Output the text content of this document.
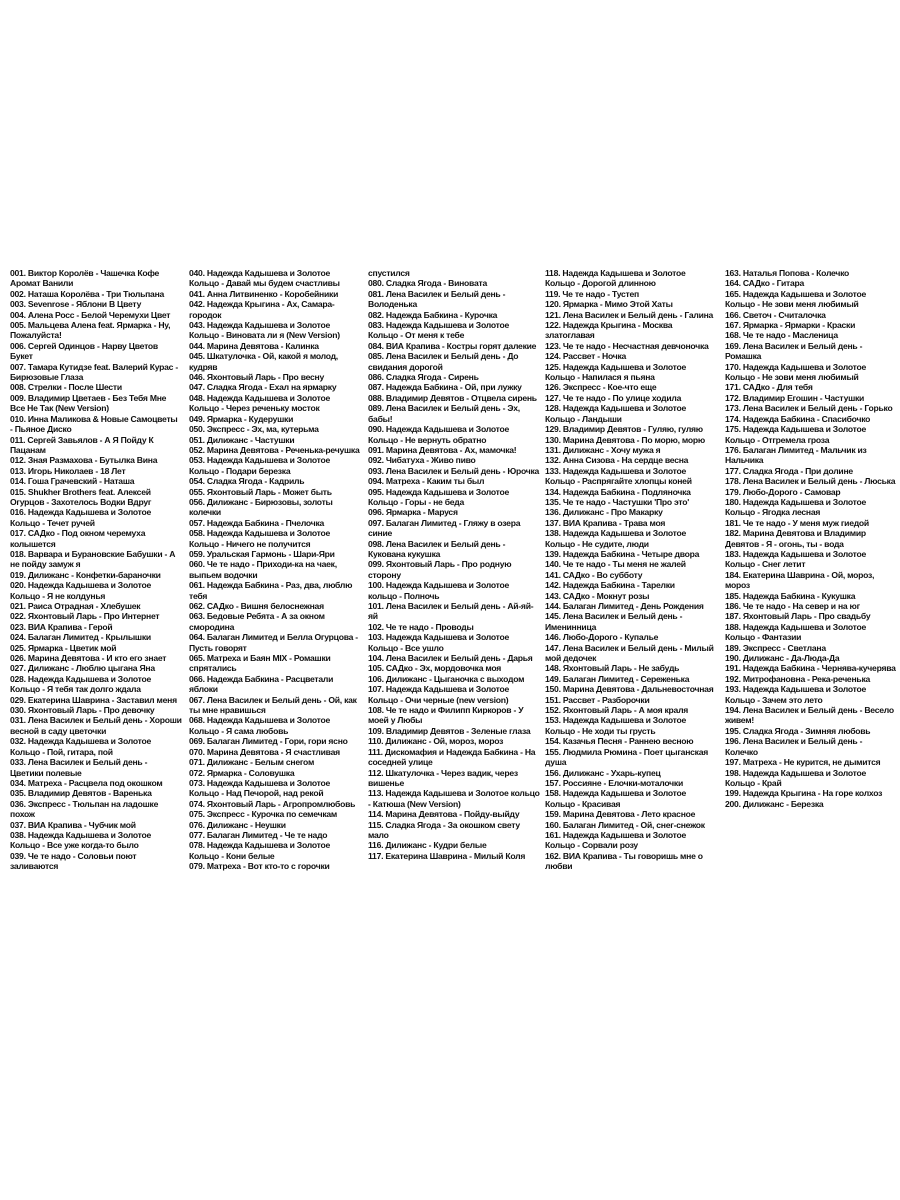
001. Виктор Королёв - Чашечка Кофе Аромат Ванили

002. Наташа Королёва - Три Тюльпана

003. Sevenrose - Яблони В Цвету

004. Алена Росс - Белой Черемухи Цвет

005. Мальцева Алена feat. Ярмарка - Ну, Пожалуйста!

006. Сергей Одинцов - Нарву Цветов Букет

007. Тамара Кутидзе feat. Валерий Курас - Бирюзовые Глаза

008. Стрелки - После Шести

009. Владимир Цветаев - Без Тебя Мне Все Не Так (New Version)

010. Инна Маликова & Новые Самоцветы - Пьяное Диско

011. Сергей Завьялов - А Я Пойду К Пацанам

012. Зная Размахова - Бутылка Вина

013. Игорь Николаев - 18 Лет

014. Гоша Грачевский - Наташа

015. Shukher Brothers feat. Алексей Огурцов - Захотелось Водки Вдруг

016. Надежда Кадышева и Золотое Кольцо - Течет ручей

017. САДко - Под окном черемуха колышется

018. Варвара и Бурановские Бабушки - А не пойду замуж я

019. Дилижанс - Конфетки-бараночки

020. Надежда Кадышева и Золотое Кольцо - Я не колдунья

021. Раиса Отрадная - Хлебушек

022. Яхонтовый Ларь - Про Интернет

023. ВИА Крапива - Герой

024. Балаган Лимитед - Крылышки

025. Ярмарка - Цветик мой

026. Марина Девятова - И кто его знает

027. Дилижанс - Люблю цыгана Яна

028. Надежда Кадышева и Золотое Кольцо - Я тебя так долго ждала

029. Екатерина Шаврина - Заставил меня

030. Яхонтовый Ларь - Про девочку

031. Лена Василек и Белый день - Хороши весной в саду цветочки

032. Надежда Кадышева и Золотое Кольцо - Пой, гитара, пой

033. Лена Василек и Белый день - Цветики полевые

034. Матреха - Расцвела под окошком

035. Владимир Девятов - Варенька

036. Экспресс - Тюльпан на ладошке похож

037. ВИА Крапива - Чубчик мой

038. Надежда Кадышева и Золотое Кольцо - Все уже когда-то было

039. Че те надо - Соловьи поют заливаются

040. Надежда Кадышева и Золотое Кольцо - Давай мы будем счастливы

041. Анна Литвиненко - Коробейники

042. Надежда Крыгина - Ах, Самара-городок

043. Надежда Кадышева и Золотое Кольцо - Виновата ли я (New Version)

044. Марина Девятова - Калинка

045. Шкатулочка - Ой, какой я молод, кудряв

046. Яхонтовый Ларь - Про весну

047. Сладка Ягода - Ехал на ярмарку

048. Надежда Кадышева и Золотое Кольцо - Через реченьку мосток

049. Ярмарка - Кудерушки

050. Экспресс - Эх, ма, кутерьма

051. Дилижанс - Частушки

052. Марина Девятова - Реченька-речушка

053. Надежда Кадышева и Золотое Кольцо - Подари березка

054. Сладка Ягода - Кадриль

055. Яхонтовый Ларь - Может быть

056. Дилижанс - Бирюзовы, золоты колечки

057. Надежда Бабкина - Пчелочка

058. Надежда Кадышева и Золотое Кольцо - Ничего не получится

059. Уральская Гармонь - Шари-Яри

060. Че те надо - Приходи-ка на чаек, выпьем водочки

061. Надежда Бабкина - Раз, два, люблю тебя

062. САДко - Вишня белоснежная

063. Бедовые Ребята - А за окном смородина

064. Балаган Лимитед и Белла Огурцова - Пусть говорят

065. Матреха и Баян MIX - Ромашки спрятались

066. Надежда Бабкина - Расцветали яблоки

067. Лена Василек и Белый день - Ой, как ты мне нравишься

068. Надежда Кадышева и Золотое Кольцо - Я сама любовь

069. Балаган Лимитед - Гори, гори ясно

070. Марина Девятова - Я счастливая

071. Дилижанс - Белым снегом

072. Ярмарка - Соловушка

073. Надежда Кадышева и Золотое Кольцо - Над Печорой, над рекой

074. Яхонтовый Ларь - Агропромлюбовь

075. Экспресс - Курочка по семечкам

076. Дилижанс - Неушки

077. Балаган Лимитед - Че те надо

078. Надежда Кадышева и Золотое Кольцо - Кони белые

079. Матреха - Вот кто-то с горочки

спустился

080. Сладка Ягода - Виновата

081. Лена Василек и Белый день - Володенька

082. Надежда Бабкина - Курочка

083. Надежда Кадышева и Золотое Кольцо - От меня к тебе

084. ВИА Крапива - Костры горят далекие

085. Лена Василек и Белый день - До свидания дорогой

086. Сладка Ягода - Сирень

087. Надежда Бабкина - Ой, при лужку

088. Владимир Девятов - Отцвела сирень

089. Лена Василек и Белый день - Эх, бабы!

090. Надежда Кадышева и Золотое Кольцо - Не вернуть обратно

091. Марина Девятова - Ах, мамочка!

092. Чибатуха - Живо пиво

093. Лена Василек и Белый день - Юрочка

094. Матреха - Каким ты был

095. Надежда Кадышева и Золотое Кольцо - Горы - не беда

096. Ярмарка - Маруся

097. Балаган Лимитед - Гляжу в озера синие

098. Лена Василек и Белый день - Кукована кукушка

099. Яхонтовый Ларь - Про родную сторону

100. Надежда Кадышева и Золотое кольцо - Полночь

101. Лена Василек и Белый день - Ай-яй-яй

102. Че те надо - Проводы

103. Надежда Кадышева и Золотое Кольцо - Все ушло

104. Лена Василек и Белый день - Дарья

105. САДко - Эх, мордовочка моя

106. Дилижанс - Цыганочка с выходом

107. Надежда Кадышева и Золотое Кольцо - Очи черные (new version)

108. Че те надо и Филипп Киркоров - У моей у Любы

109. Владимир Девятов - Зеленые глаза

110. Дилижанс - Ой, мороз, мороз

111. Дискомафия и Надежда Бабкина - На соседней улице

112. Шкатулочка - Через вадик, через вишенье

113. Надежда Кадышева и Золотое кольцо - Катюша (New Version)

114. Марина Девятова - Пойду-выйду

115. Сладка Ягода - За окошком свету мало

116. Дилижанс - Кудри белые

117. Екатерина Шаврина - Милый Коля

118. Надежда Кадышева и Золотое Кольцо - Дорогой длинною

119. Че те надо - Тустеп

120. Ярмарка - Мимо Этой Хаты

121. Лена Василек и Белый день - Галина

122. Надежда Крыгина - Москва златоглавая

123. Че те надо - Несчастная девчоночка

124. Рассвет - Ночка

125. Надежда Кадышева и Золотое Кольцо - Напилася я пьяна

126. Экспресс - Кое-что еще

127. Че те надо - По улице ходила

128. Надежда Кадышева и Золотое Кольцо - Ландыши

129. Владимир Девятов - Гуляю, гуляю

130. Марина Девятова - По морю, морю

131. Дилижанс - Хочу мужа я

132. Анна Сизова - На сердце весна

133. Надежда Кадышева и Золотое Кольцо - Распрягайте хлопцы коней

134. Надежда Бабкина - Подляночка

135. Че те надо - Частушки 'Про это'

136. Дилижанс - Про Макарку

137. ВИА Крапива - Трава моя

138. Надежда Кадышева и Золотое Кольцо - Не судите, люди

139. Надежда Бабкина - Четыре двора

140. Че те надо - Ты меня не жалей

141. САДко - Во субботу

142. Надежда Бабкина - Тарелки

143. САДко - Мокнут розы

144. Балаган Лимитед - День Рождения

145. Лена Василек и Белый день - Именинница

146. Любо-Дорого - Купалье

147. Лена Василек и Белый день - Милый мой дедочек

148. Яхонтовый Ларь - Не забудь

149. Балаган Лимитед - Сереженька

150. Марина Девятова - Дальневосточная

151. Рассвет - Разборочки

152. Яхонтовый Ларь - А моя краля

153. Надежда Кадышева и Золотое Кольцо - Не ходи ты грусть

154. Казачья Песня - Раннею весною

155. Людмила Рюмина - Поет цыганская душа

156. Дилижанс - Ухарь-купец

157. Россияне - Елочки-моталочки

158. Надежда Кадышева и Золотое Кольцо - Красивая

159. Марина Девятова - Лето красное

160. Балаган Лимитед - Ой, снег-снежок

161. Надежда Кадышева и Золотое Кольцо - Сорвали розу

162. ВИА Крапива - Ты говоришь мне о любви

163. Наталья Попова - Колечко

164. САДко - Гитара

165. Надежда Кадышева и Золотое Кольцо - Не зови меня любимый

166. Светоч - Считалочка

167. Ярмарка - Ярмарки - Краски

168. Че те надо - Масленица

169. Лена Василек и Белый день - Ромашка

170. Надежда Кадышева и Золотое Кольцо - Не зови меня любимый

171. САДко - Для тебя

172. Владимир Егошин - Частушки

173. Лена Василек и Белый день - Горько

174. Надежда Бабкина - Спасибочко

175. Надежда Кадышева и Золотое Кольцо - Отгремела гроза

176. Балаган Лимитед - Мальчик из Нальчика

177. Сладка Ягода - При долине

178. Лена Василек и Белый день - Люська

179. Любо-Дорого - Самовар

180. Надежда Кадышева и Золотое Кольцо - Ягодка лесная

181. Че те надо - У меня муж гиедой

182. Марина Девятова и Владимир Девятов - Я - огонь, ты - вода

183. Надежда Кадышева и Золотое Кольцо - Снег летит

184. Екатерина Шаврина - Ой, мороз, мороз

185. Надежда Бабкина - Кукушка

186. Че те надо - На север и на юг

187. Яхонтовый Ларь - Про свадьбу

188. Надежда Кадышева и Золотое Кольцо - Фантазии

189. Экспресс - Светлана

190. Дилижанс - Да-Люда-Да

191. Надежда Бабкина - Чернява-кучерява

192. Митрофановна - Река-реченька

193. Надежда Кадышева и Золотое Кольцо - Зачем это лето

194. Лена Василек и Белый день - Весело живем!

195. Сладка Ягода - Зимняя любовь

196. Лена Василек и Белый день - Колечко

197. Матреха - Не курится, не дымится

198. Надежда Кадышева и Золотое Кольцо - Край

199. Надежда Крыгина - На горе колхоз

200. Дилижанс - Березка
